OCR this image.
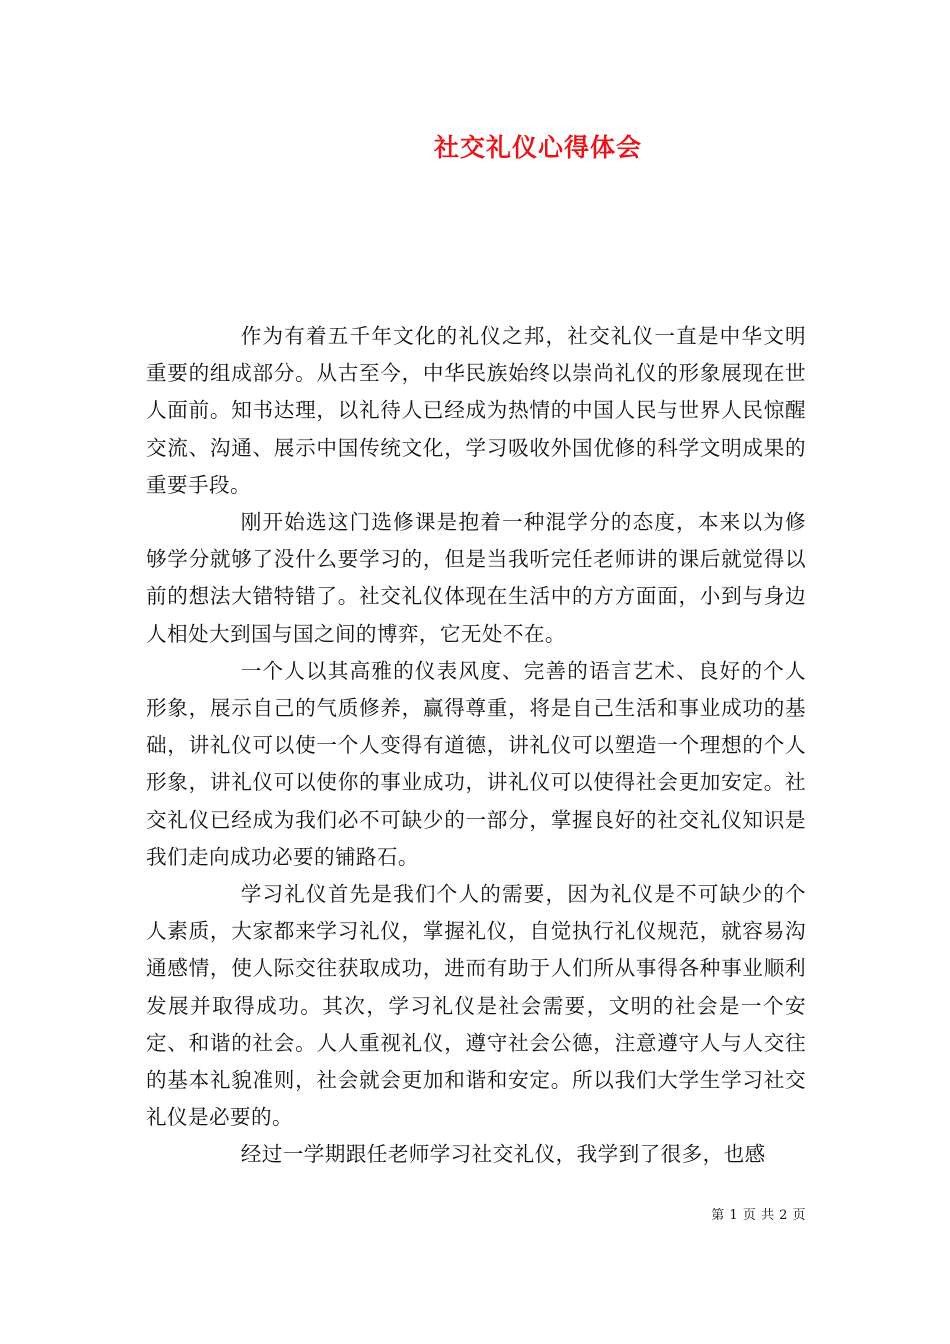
社交礼仪心得体会

作为有着五千年文化的礼仪之邦，社交礼仪一直是中华文明重要的组成部分。从古至今，中华民族始终以崇尚礼仪的形象展现在世人面前。知书达理，以礼待人已经成为热情的中国人民与世界人民惊醒交流、沟通、展示中国传统文化，学习吸收外国优修的科学文明成果的重要手段。

刚开始选这门选修课是抱着一种混学分的态度，本来以为修够学分就够了没什么要学习的，但是当我听完任老师讲的课后就觉得以前的想法大错特错了。社交礼仪体现在生活中的方方面面，小到与身边人相处大到国与国之间的博弈，它无处不在。

一个人以其高雅的仪表风度、完善的语言艺术、良好的个人形象，展示自己的气质修养，赢得尊重，将是自己生活和事业成功的基础，讲礼仪可以使一个人变得有道德，讲礼仪可以塑造一个理想的个人形象，讲礼仪可以使你的事业成功，讲礼仪可以使得社会更加安定。社交礼仪已经成为我们必不可缺少的一部分，掌握良好的社交礼仪知识是我们走向成功必要的铺路石。

学习礼仪首先是我们个人的需要，因为礼仪是不可缺少的个人素质，大家都来学习礼仪，掌握礼仪，自觉执行礼仪规范，就容易沟通感情，使人际交往获取成功，进而有助于人们所从事得各种事业顺利发展并取得成功。其次，学习礼仪是社会需要，文明的社会是一个安定、和谐的社会。人人重视礼仪，遵守社会公德，注意遵守人与人交往的基本礼貌准则，社会就会更加和谐和安定。所以我们大学生学习社交礼仪是必要的。

经过一学期跟任老师学习社交礼仪，我学到了很多，也感

第 1 页 共 2 页
